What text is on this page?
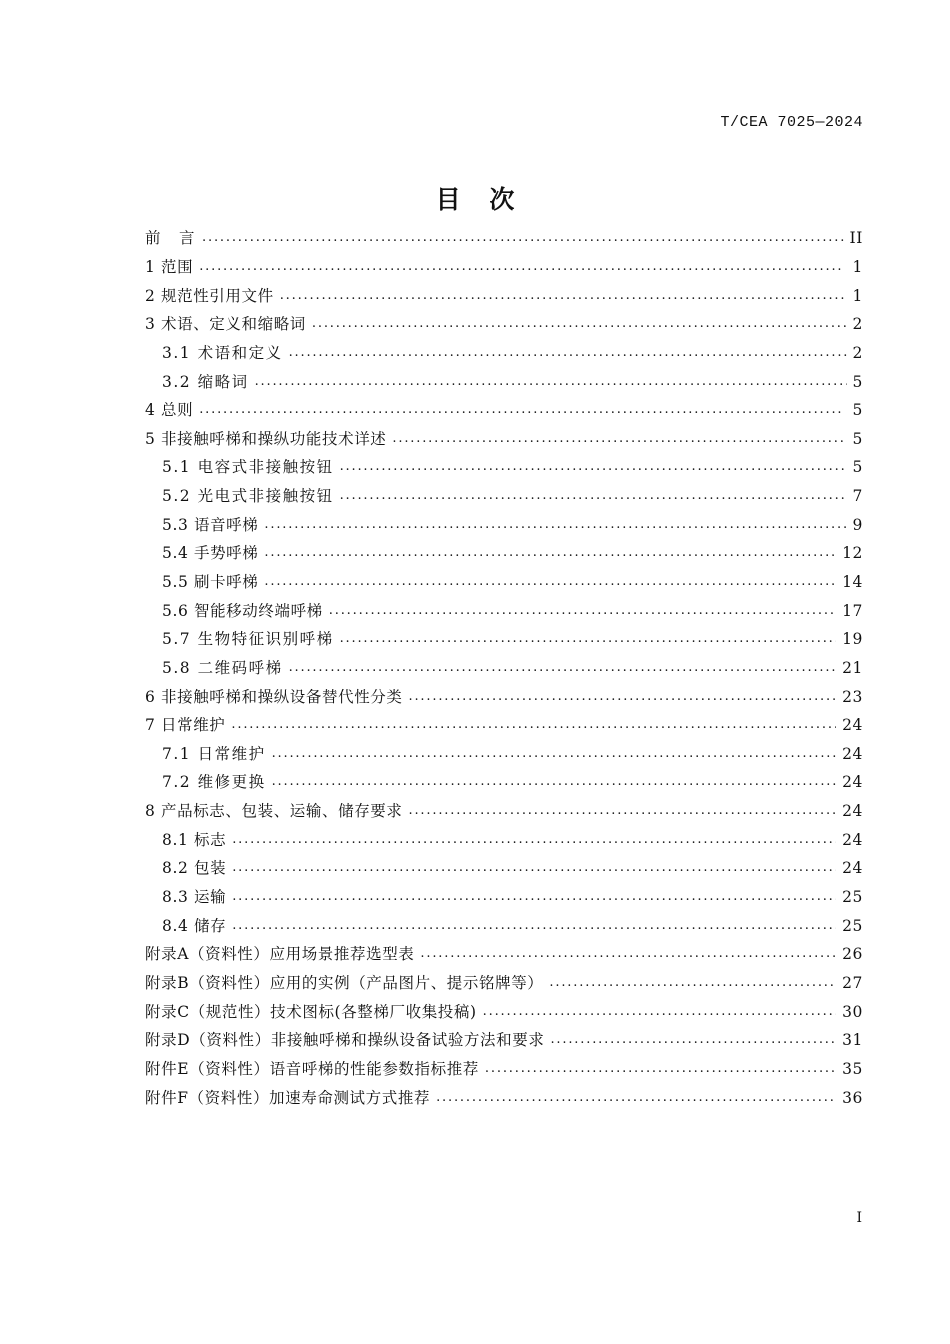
T/CEA 7025—2024
目 次
前　言 . . .	II
1 范围 . . .	1
2 规范性引用文件 . . .	1
3 术语、定义和缩略词 . . .	2
3.1 术语和定义 . . .	2
3.2 缩略词 . . .	5
4 总则 . . .	5
5 非接触呼梯和操纵功能技术详述 . . .	5
5.1 电容式非接触按钮 . . .	5
5.2 光电式非接触按钮 . . .	7
5.3 语音呼梯 . . .	9
5.4 手势呼梯 . . .	12
5.5 刷卡呼梯 . . .	14
5.6 智能移动终端呼梯 . . .	17
5.7 生物特征识别呼梯 . . .	19
5.8 二维码呼梯 . . .	21
6 非接触呼梯和操纵设备替代性分类 . . .	23
7 日常维护 . . .	24
7.1 日常维护 . . .	24
7.2 维修更换 . . .	24
8 产品标志、包装、运输、储存要求 . . .	24
8.1 标志 . . .	24
8.2 包装 . . .	24
8.3 运输 . . .	25
8.4 储存 . . .	25
附录A（资料性）应用场景推荐选型表 . . .	26
附录B（资料性）应用的实例（产品图片、提示铭牌等） . . .	27
附录C（规范性）技术图标(各整梯厂收集投稿) . . .	30
附录D（资料性）非接触呼梯和操纵设备试验方法和要求 . . .	31
附件E（资料性）语音呼梯的性能参数指标推荐 . . .	35
附件F（资料性）加速寿命测试方式推荐 . . .	36
I
